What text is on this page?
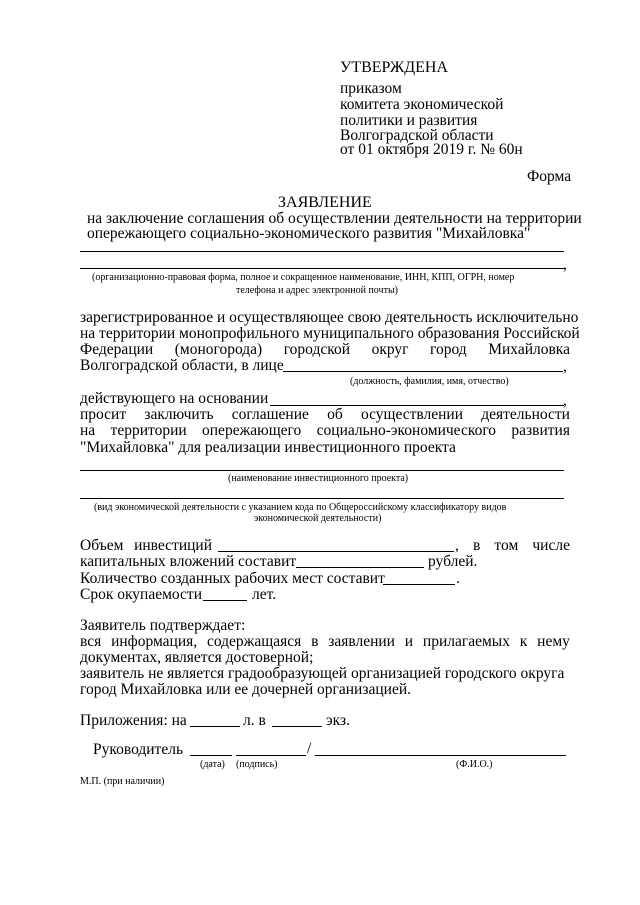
УТВЕРЖДЕНА
приказом
комитета экономической
политики и развития
Волгоградской области
от 01 октября 2019 г. № 60н
Форма
ЗАЯВЛЕНИЕ
на заключение соглашения об осуществлении деятельности на территории
опережающего социально-экономического развития "Михайловка"
,
(организационно-правовая форма, полное и сокращенное наименование, ИНН, КПП, ОГРН, номер
телефона и адрес электронной почты)
зарегистрированное и осуществляющее свою деятельность исключительно
на территории монопрофильного муниципального образования Российской
Федерации (моногорода) городской округ город Михайловка
Волгоградской области, в лице	,
(должность, фамилия, имя, отчество)
действующего на основании	,
просит заключить соглашение об осуществлении деятельности
на территории опережающего социально-экономического развития
"Михайловка" для реализации инвестиционного проекта
(наименование инвестиционного проекта)
(вид экономической деятельности с указанием кода по Общероссийскому классификатору видов
экономической деятельности)
Объем инвестиций	, в том числе
капитальных вложений составит	рублей.
Количество созданных рабочих мест составит	.
Срок окупаемости	лет.
Заявитель подтверждает:
вся информация, содержащаяся в заявлении и прилагаемых к нему
документах, является достоверной;
заявитель не является градообразующей организацией городского округа
город Михайловка или ее дочерней организацией.
Приложения: на	л. в	экз.
Руководитель	/
(дата) (подпись)	(Ф.И.О.)
М.П. (при наличии)
